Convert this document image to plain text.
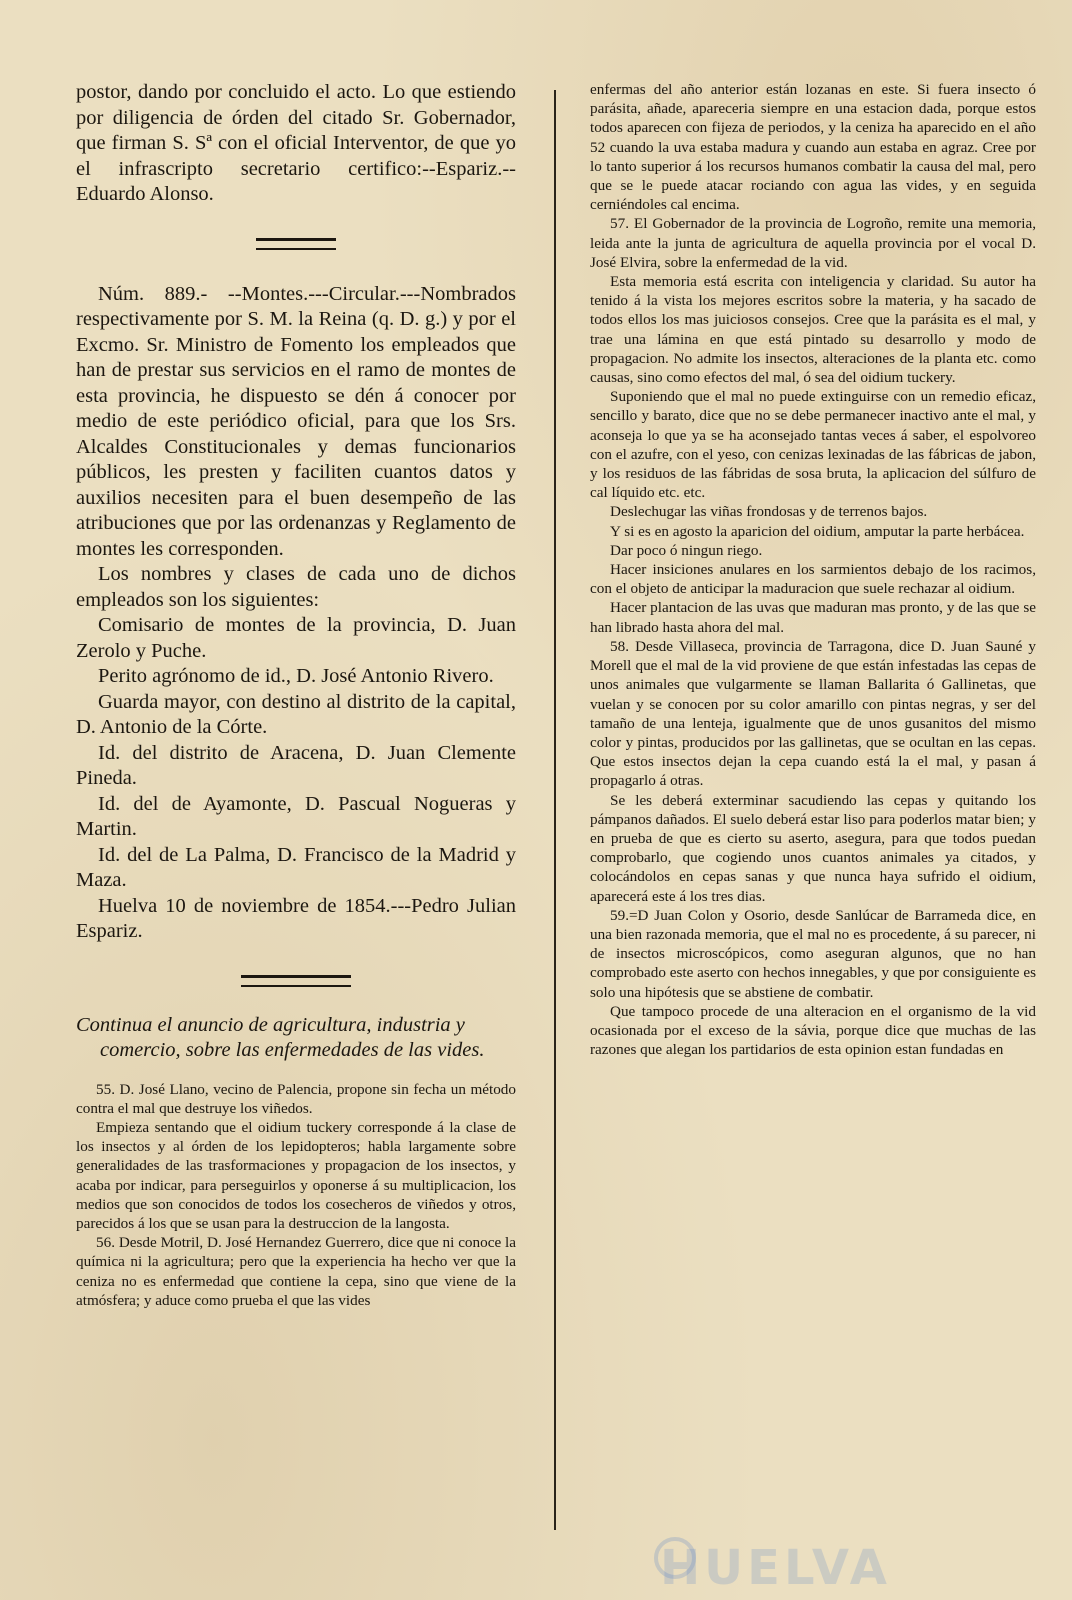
postor, dando por concluido el acto. Lo que estiendo por diligencia de órden del citado Sr. Gobernador, que firman S. Sª con el oficial Interventor, de que yo el infrascripto secretario certifico:--Espariz.--Eduardo Alonso.

Núm. 889.- --Montes.---Circular.---Nombrados respectivamente por S. M. la Reina (q. D. g.) y por el Excmo. Sr. Ministro de Fomento los empleados que han de prestar sus servicios en el ramo de montes de esta provincia, he dispuesto se dén á conocer por medio de este periódico oficial, para que los Srs. Alcaldes Constitucionales y demas funcionarios públicos, les presten y faciliten cuantos datos y auxilios necesiten para el buen desempeño de las atribuciones que por las ordenanzas y Reglamento de montes les corresponden.

Los nombres y clases de cada uno de dichos empleados son los siguientes:

Comisario de montes de la provincia, D. Juan Zerolo y Puche.

Perito agrónomo de id., D. José Antonio Rivero.

Guarda mayor, con destino al distrito de la capital, D. Antonio de la Córte.

Id. del distrito de Aracena, D. Juan Clemente Pineda.

Id. del de Ayamonte, D. Pascual Nogueras y Martin.

Id. del de La Palma, D. Francisco de la Madrid y Maza.

Huelva 10 de noviembre de 1854.---Pedro Julian Espariz.

Continua el anuncio de agricultura, industria y comercio, sobre las enfermedades de las vides.

55. D. José Llano, vecino de Palencia, propone sin fecha un método contra el mal que destruye los viñedos.

Empieza sentando que el oidium tuckery corresponde á la clase de los insectos y al órden de los lepidopteros; habla largamente sobre generalidades de las trasformaciones y propagacion de los insectos, y acaba por indicar, para perseguirlos y oponerse á su multiplicacion, los medios que son conocidos de todos los cosecheros de viñedos y otros, parecidos á los que se usan para la destruccion de la langosta.

56. Desde Motril, D. José Hernandez Guerrero, dice que ni conoce la química ni la agricultura; pero que la experiencia ha hecho ver que la ceniza no es enfermedad que contiene la cepa, sino que viene de la atmósfera; y aduce como prueba el que las vides

enfermas del año anterior están lozanas en este. Si fuera insecto ó parásita, añade, apareceria siempre en una estacion dada, porque estos todos aparecen con fijeza de periodos, y la ceniza ha aparecido en el año 52 cuando la uva estaba madura y cuando aun estaba en agraz. Cree por lo tanto superior á los recursos humanos combatir la causa del mal, pero que se le puede atacar rociando con agua las vides, y en seguida cerniéndoles cal encima.

57. El Gobernador de la provincia de Logroño, remite una memoria, leida ante la junta de agricultura de aquella provincia por el vocal D. José Elvira, sobre la enfermedad de la vid.

Esta memoria está escrita con inteligencia y claridad. Su autor ha tenido á la vista los mejores escritos sobre la materia, y ha sacado de todos ellos los mas juiciosos consejos. Cree que la parásita es el mal, y trae una lámina en que está pintado su desarrollo y modo de propagacion. No admite los insectos, alteraciones de la planta etc. como causas, sino como efectos del mal, ó sea del oidium tuckery.

Suponiendo que el mal no puede extinguirse con un remedio eficaz, sencillo y barato, dice que no se debe permanecer inactivo ante el mal, y aconseja lo que ya se ha aconsejado tantas veces á saber, el espolvoreo con el azufre, con el yeso, con cenizas lexinadas de las fábricas de jabon, y los residuos de las fábridas de sosa bruta, la aplicacion del súlfuro de cal líquido etc. etc.

Deslechugar las viñas frondosas y de terrenos bajos.

Y si es en agosto la aparicion del oidium, amputar la parte herbácea.

Dar poco ó ningun riego.

Hacer insiciones anulares en los sarmientos debajo de los racimos, con el objeto de anticipar la maduracion que suele rechazar al oidium.

Hacer plantacion de las uvas que maduran mas pronto, y de las que se han librado hasta ahora del mal.

58. Desde Villaseca, provincia de Tarragona, dice D. Juan Sauné y Morell que el mal de la vid proviene de que están infestadas las cepas de unos animales que vulgarmente se llaman Ballarita ó Gallinetas, que vuelan y se conocen por su color amarillo con pintas negras, y ser del tamaño de una lenteja, igualmente que de unos gusanitos del mismo color y pintas, producidos por las gallinetas, que se ocultan en las cepas. Que estos insectos dejan la cepa cuando está la el mal, y pasan á propagarlo á otras.

Se les deberá exterminar sacudiendo las cepas y quitando los pámpanos dañados. El suelo deberá estar liso para poderlos matar bien; y en prueba de que es cierto su aserto, asegura, para que todos puedan comprobarlo, que cogiendo unos cuantos animales ya citados, y colocándolos en cepas sanas y que nunca haya sufrido el oidium, aparecerá este á los tres dias.

59.=D Juan Colon y Osorio, desde Sanlúcar de Barrameda dice, en una bien razonada memoria, que el mal no es procedente, á su parecer, ni de insectos microscópicos, como aseguran algunos, que no han comprobado este aserto con hechos innegables, y que por consiguiente es solo una hipótesis que se abstiene de combatir.

Que tampoco procede de una alteracion en el organismo de la vid ocasionada por el exceso de la sávia, porque dice que muchas de las razones que alegan los partidarios de esta opinion estan fundadas en

HUELVA
